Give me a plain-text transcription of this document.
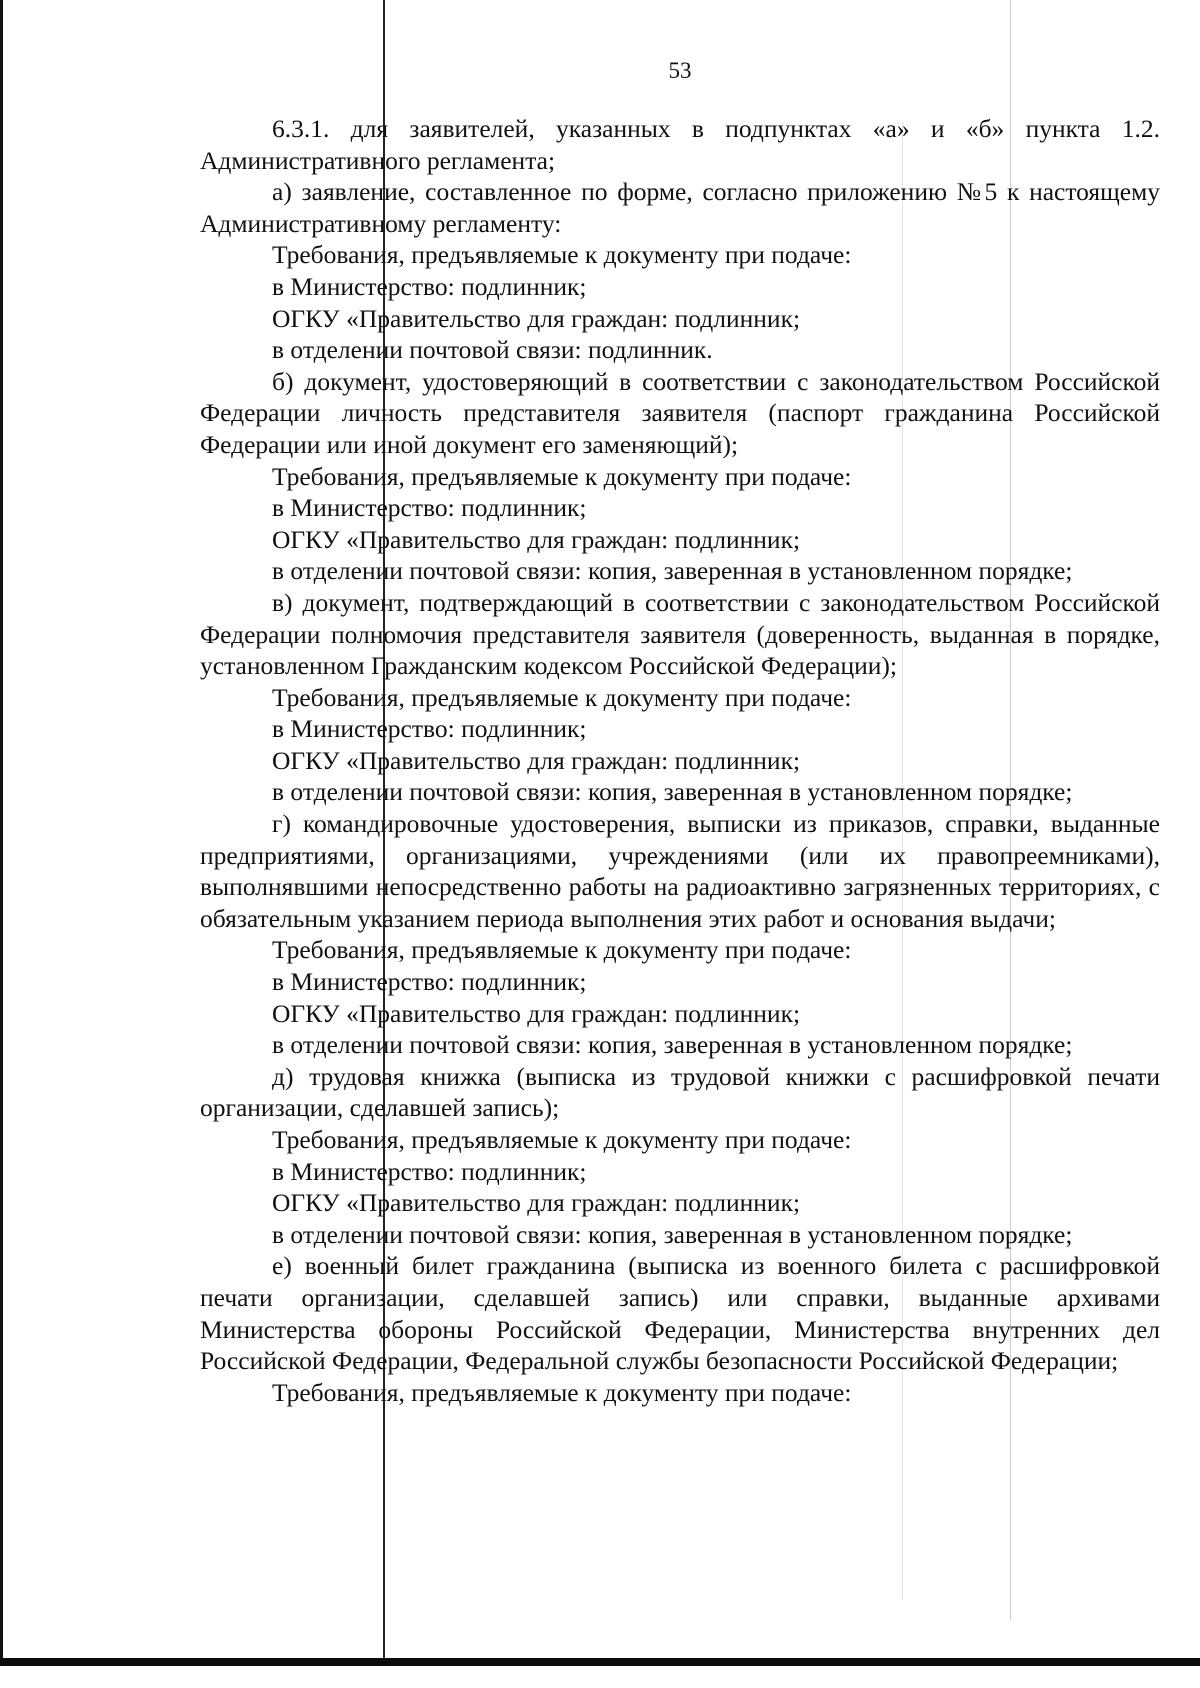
53

6.3.1. для заявителей, указанных в подпунктах «а» и «б» пункта 1.2. Административного регламента;

а) заявление, составленное по форме, согласно приложению №5 к настоящему Административному регламенту:

Требования, предъявляемые к документу при подаче:

в Министерство: подлинник;

ОГКУ «Правительство для граждан: подлинник;

в отделении почтовой связи: подлинник.

б) документ, удостоверяющий в соответствии с законодательством Российской Федерации личность представителя заявителя (паспорт гражданина Российской Федерации или иной документ его заменяющий);

Требования, предъявляемые к документу при подаче:

в Министерство: подлинник;

ОГКУ «Правительство для граждан: подлинник;

в отделении почтовой связи: копия, заверенная в установленном порядке;

в) документ, подтверждающий в соответствии с законодательством Российской Федерации полномочия представителя заявителя (доверенность, выданная в порядке, установленном Гражданским кодексом Российской Федерации);

Требования, предъявляемые к документу при подаче:

в Министерство: подлинник;

ОГКУ «Правительство для граждан: подлинник;

в отделении почтовой связи: копия, заверенная в установленном порядке;

г) командировочные удостоверения, выписки из приказов, справки, выданные предприятиями, организациями, учреждениями (или их правопреемниками), выполнявшими непосредственно работы на радиоактивно загрязненных территориях, с обязательным указанием периода выполнения этих работ и основания выдачи;

Требования, предъявляемые к документу при подаче:

в Министерство: подлинник;

ОГКУ «Правительство для граждан: подлинник;

в отделении почтовой связи: копия, заверенная в установленном порядке;

д) трудовая книжка (выписка из трудовой книжки с расшифровкой печати организации, сделавшей запись);

Требования, предъявляемые к документу при подаче:

в Министерство: подлинник;

ОГКУ «Правительство для граждан: подлинник;

в отделении почтовой связи: копия, заверенная в установленном порядке;

е) военный билет гражданина (выписка из военного билета с расшифровкой печати организации, сделавшей запись) или справки, выданные архивами Министерства обороны Российской Федерации, Министерства внутренних дел Российской Федерации, Федеральной службы безопасности Российской Федерации;

Требования, предъявляемые к документу при подаче:
